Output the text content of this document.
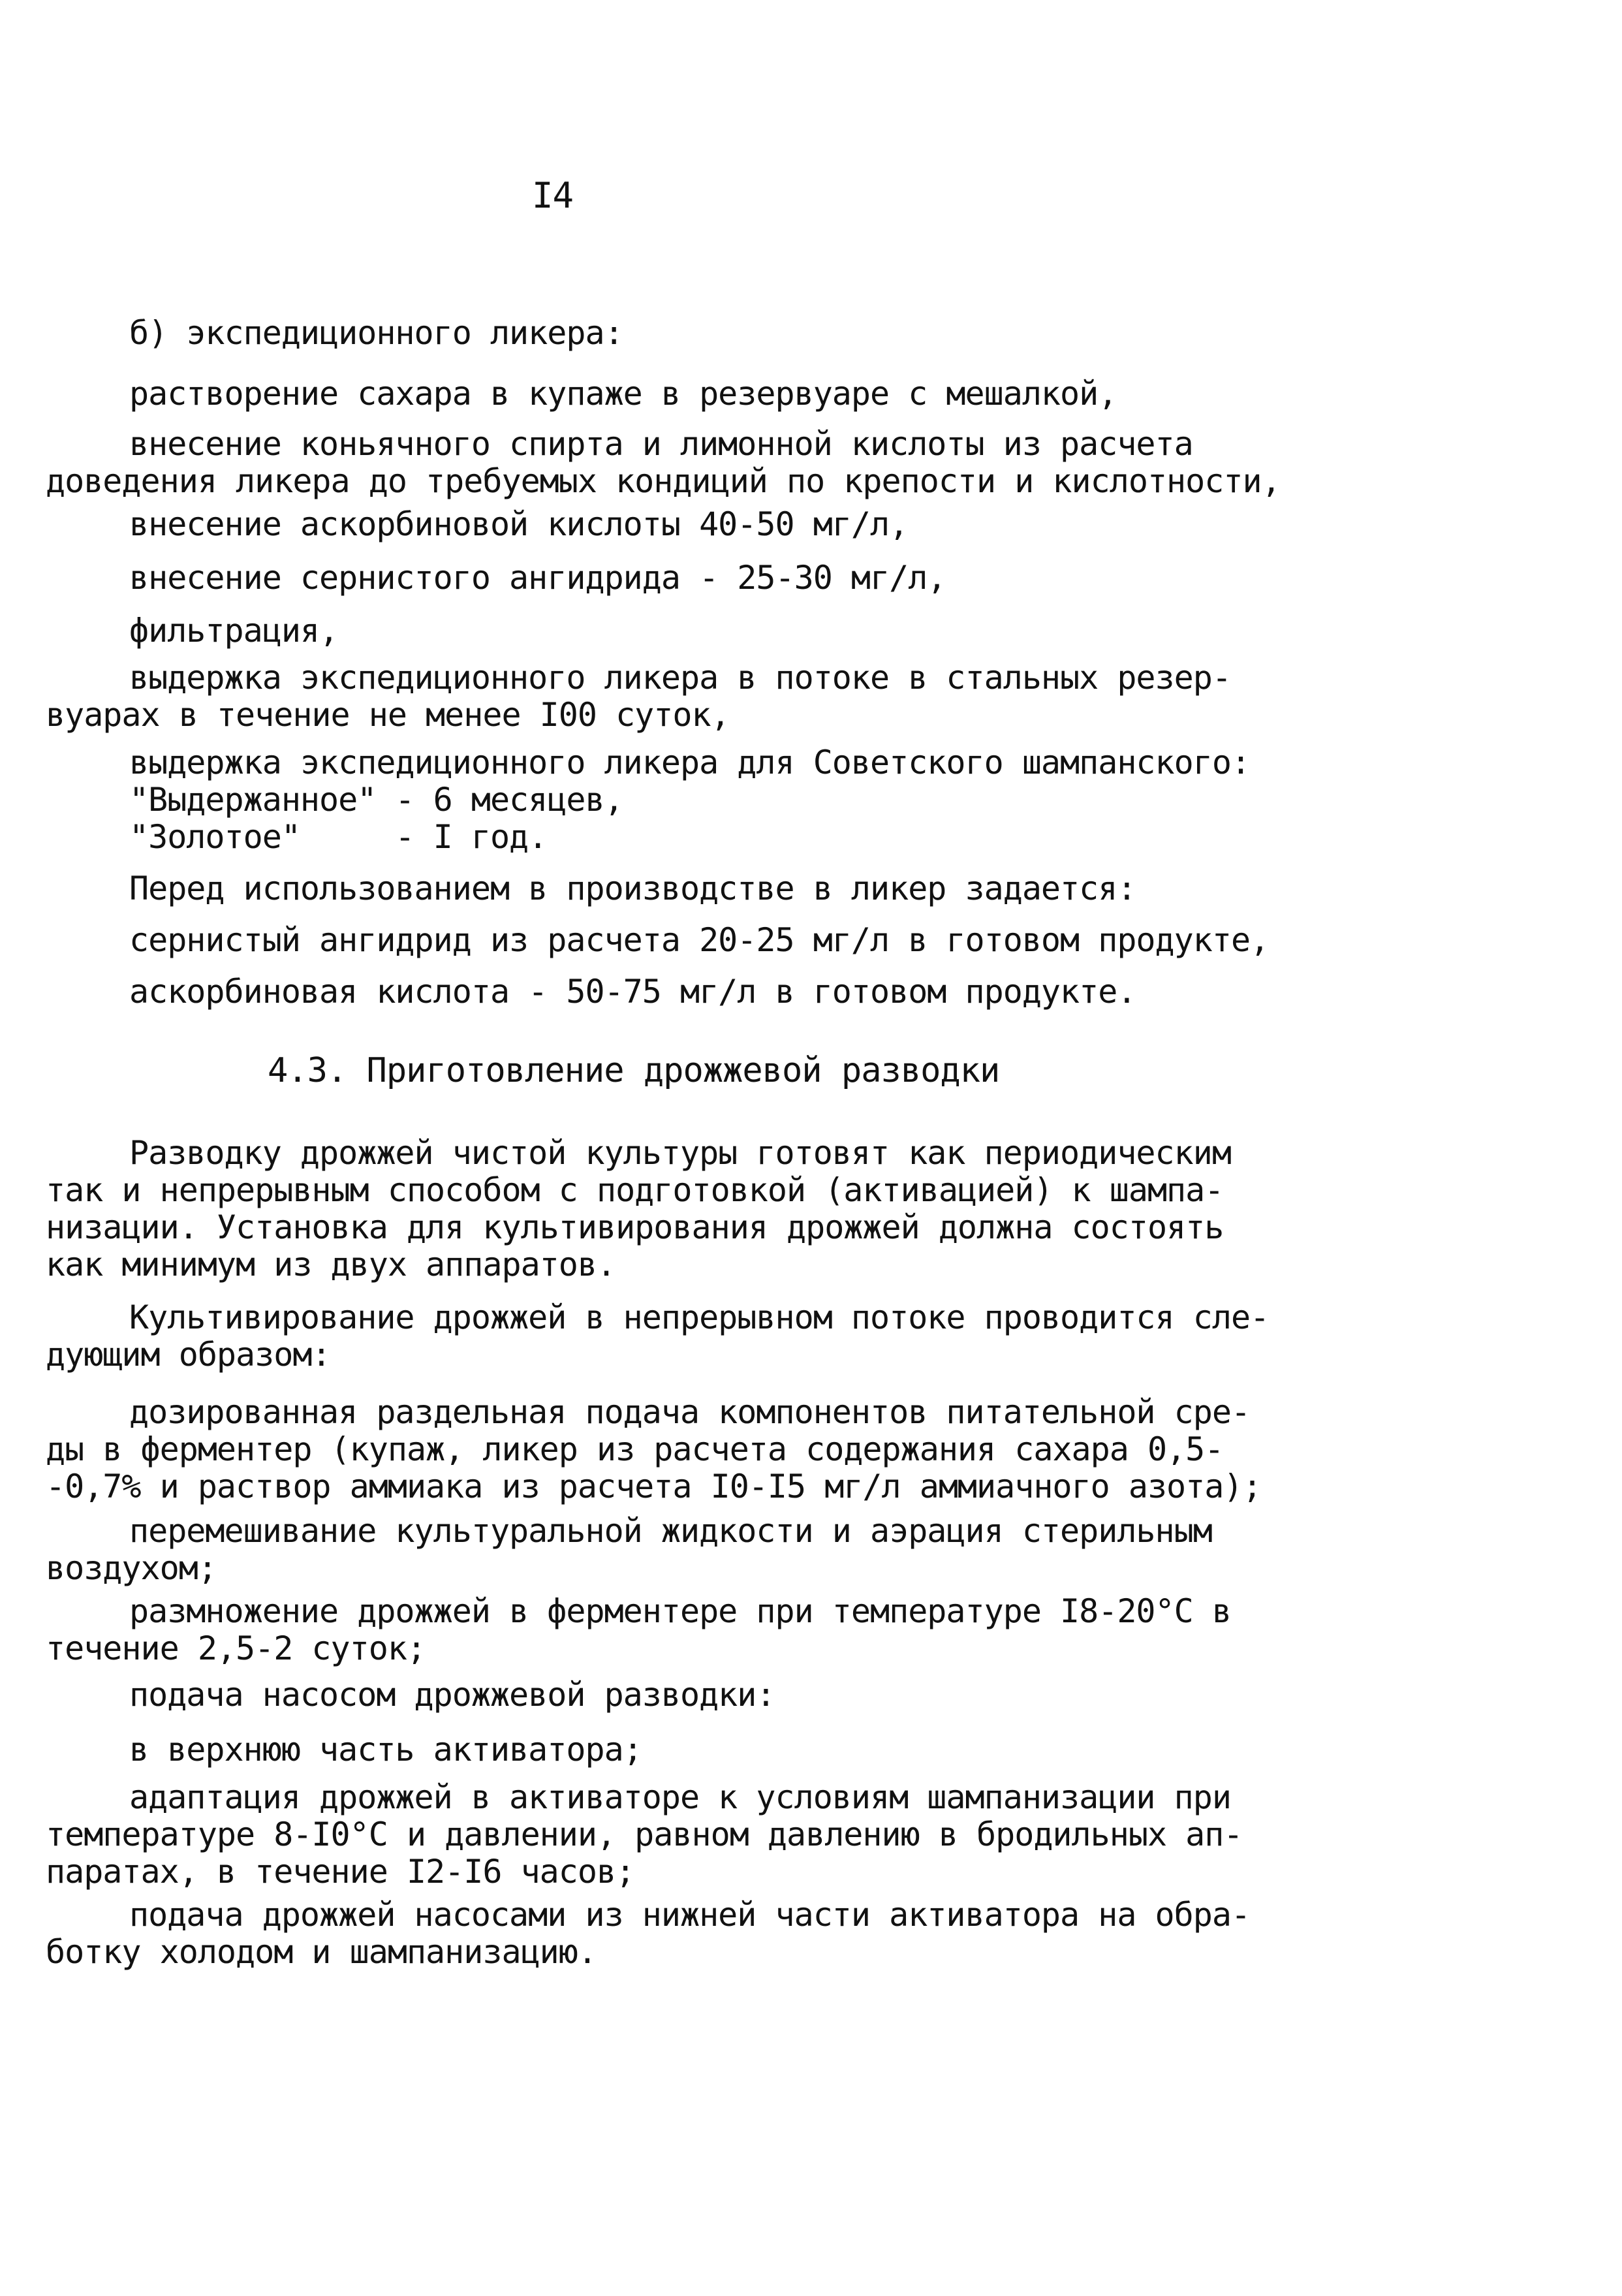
I4
б) экспедиционного ликера:
растворение сахара в купаже в резервуаре с мешалкой,
внесение коньячного спирта и лимонной кислоты из расчета
доведения ликера до требуемых кондиций по крепости и кислотности,
внесение аскорбиновой кислоты 40-50 мг/л,
внесение сернистого ангидрида - 25-30 мг/л,
фильтрация,
выдержка экспедиционного ликера в потоке в стальных резер-
вуарах в течение не менее I00 суток,
выдержка экспедиционного ликера для Советского шампанского:
"Выдержанное" - 6 месяцев,
"Золотое"     - I год.
Перед использованием в производстве в ликер задается:
сернистый ангидрид из расчета 20-25 мг/л в готовом продукте,
аскорбиновая кислота - 50-75 мг/л в готовом продукте.
4.3. Приготовление дрожжевой разводки
Разводку дрожжей чистой культуры готовят как периодическим
так и непрерывным способом с подготовкой (активацией) к шампа-
низации. Установка для культивирования дрожжей должна состоять
как минимум из двух аппаратов.
Культивирование дрожжей в непрерывном потоке проводится сле-
дующим образом:
дозированная раздельная подача компонентов питательной сре-
ды в ферментер (купаж, ликер из расчета содержания сахара 0,5-
-0,7% и раствор аммиака из расчета I0-I5 мг/л аммиачного азота);
перемешивание культуральной жидкости и аэрация стерильным
воздухом;
размножение дрожжей в ферментере при температуре I8-20°С в
течение 2,5-2 суток;
подача насосом дрожжевой разводки:
в верхнюю часть активатора;
адаптация дрожжей в активаторе к условиям шампанизации при
температуре 8-I0°С и давлении, равном давлению в бродильных ап-
паратах, в течение I2-I6 часов;
подача дрожжей насосами из нижней части активатора на обра-
ботку холодом и шампанизацию.
